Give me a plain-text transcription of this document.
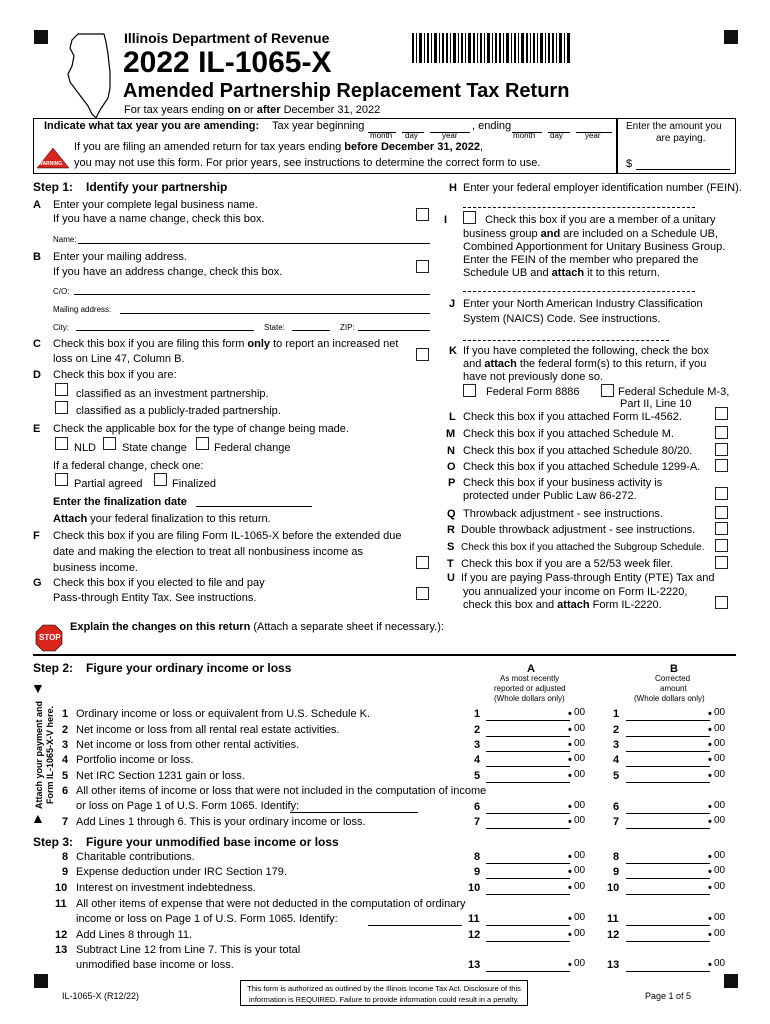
Illinois Department of Revenue
2022 IL-1065-X
Amended Partnership Replacement Tax Return
For tax years ending on or after December 31, 2022
Indicate what tax year you are amending: Tax year beginning
month day	year
, ending
month day	year
WARNING
If you are filing an amended return for tax years ending before December 31, 2022,
you may not use this form. For prior years, see instructions to determine the correct form to use.
Enter the amount you
are paying.
$
Step 1: Identify your partnership
A Enter your complete legal business name.
If you have a name change, check this box.
Name:
B Enter your mailing address.
If you have an address change, check this box.
C/O:
Mailing address:
City:	State:	ZIP:
C Check this box if you are filing this form only to report an increased net
loss on Line 47, Column B.
D Check this box if you are:
classified as an investment partnership.
classified as a publicly-traded partnership.
E Check the applicable box for the type of change being made.
NLD State change Federal change
If a federal change, check one:
Partial agreed	Finalized
Enter the finalization date
Attach your federal finalization to this return.
F Check this box if you are filing Form IL-1065-X before the extended due
date and making the election to treat all nonbusiness income as
business income.
G Check this box if you elected to file and pay
Pass-through Entity Tax. See instructions.
H Enter your federal employer identification number (FEIN).
I	Check this box if you are a member of a unitary
business group and are included on a Schedule UB,
Combined Apportionment for Unitary Business Group.
Enter the FEIN of the member who prepared the
Schedule UB and attach it to this return.
J Enter your North American Industry Classification
System (NAICS) Code. See instructions.
K If you have completed the following, check the box
and attach the federal form(s) to this return, if you
have not previously done so.
Federal Form 8886	Federal Schedule M-3,
Part II, Line 10
L Check this box if you attached Form IL-4562.
M Check this box if you attached Schedule M.
N Check this box if you attached Schedule 80/20.
O Check this box if you attached Schedule 1299-A.
P Check this box if your business activity is
protected under Public Law 86-272.
Q Throwback adjustment - see instructions.
R Double throwback adjustment - see instructions.
S Check this box if you attached the Subgroup Schedule.
T Check this box if you are a 52/53 week filer.
U If you are paying Pass-through Entity (PTE) Tax and
you annualized your income on Form IL-2220,
check this box and attach Form IL-2220.
STOP
Explain the changes on this return (Attach a separate sheet if necessary.):
Step 2: Figure your ordinary income or loss	A
As most recently
reported or adjusted
(Whole dollars only)
B
Corrected
amount
(Whole dollars only)
▼
▲
Attach your payment and Form IL-1065-X-V here. 1 Ordinary income or loss or equivalent from U.S. Schedule K.
2 Net income or loss from all rental real estate activities.
3 Net income or loss from other rental activities.
4 Portfolio income or loss.
5 Net IRC Section 1231 gain or loss.
6 All other items of income or loss that were not included in the computation of income
or loss on Page 1 of U.S. Form 1065. Identify:
7 Add Lines 1 through 6. This is your ordinary income or loss.
Step 3: Figure your unmodified base income or loss
8 Charitable contributions.
9 Expense deduction under IRC Section 179.
10 Interest on investment indebtedness.
11 All other items of expense that were not deducted in the computation of ordinary
income or loss on Page 1 of U.S. Form 1065. Identify:
12 Add Lines 8 through 11.
13 Subtract Line 12 from Line 7. This is your total
unmodified base income or loss.
1	• 00	1	• 00
2	• 00	2	• 00
3	• 00	3	• 00
4	• 00	4	• 00
5	• 00	5	• 00
6	• 00	6	• 00
7	• 00	7	• 00
8	• 00	8	• 00
9	• 00	9	• 00
10	• 00 10	• 00
11	• 00 11	• 00
12	• 00 12	• 00
13	• 00 13	• 00
IL-1065-X (R12/22)
This form is authorized as outlined by the Illinois Income Tax Act. Disclosure of this
information is REQUIRED. Failure to provide information could result in a penalty.	Page 1 of 5
